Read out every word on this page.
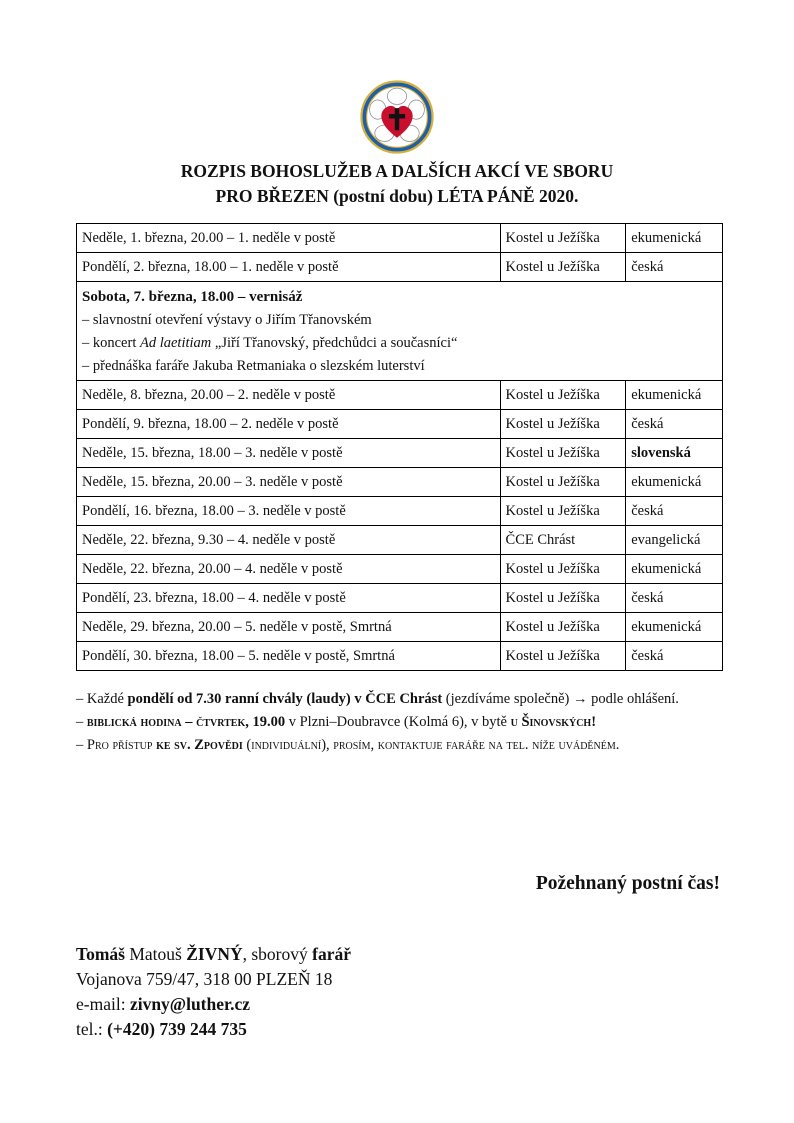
ROZPIS BOHOSLUŽEB A DALŠÍCH AKCÍ VE SBORU
PRO BŘEZEN (postní dobu) LÉTA PÁNĚ 2020.
Neděle, 1. března, 20.00 – 1. neděle v postě	Kostel u Ježíška	ekumenická
Pondělí, 2. března, 18.00 – 1. neděle v postě	Kostel u Ježíška	česká

Sobota, 7. března, 18.00 – vernisáž
– slavnostní otevření výstavy o Jiřím Třanovském
– koncert Ad laetitiam „Jiří Třanovský, předchůdci a současníci“
– přednáška faráře Jakuba Retmaniaka o slezském luterství		

Neděle, 8. března, 20.00 – 2. neděle v postě	Kostel u Ježíška	ekumenická
Pondělí, 9. března, 18.00 – 2. neděle v postě	Kostel u Ježíška	česká
Neděle, 15. března, 18.00 – 3. neděle v postě	Kostel u Ježíška	slovenská
Neděle, 15. března, 20.00 – 3. neděle v postě	Kostel u Ježíška	ekumenická
Pondělí, 16. března, 18.00 – 3. neděle v postě	Kostel u Ježíška	česká
Neděle, 22. března, 9.30 – 4. neděle v postě	ČCE Chrást	evangelická
Neděle, 22. března, 20.00 – 4. neděle v postě	Kostel u Ježíška	ekumenická
Pondělí, 23. března, 18.00 – 4. neděle v postě	Kostel u Ježíška	česká
Neděle, 29. března, 20.00 – 5. neděle v postě, Smrtná	Kostel u Ježíška	ekumenická
Pondělí, 30. března, 18.00 – 5. neděle v postě, Smrtná	Kostel u Ježíška	česká

– Každé pondělí od 7.30 ranní chvály (laudy) v ČCE Chrást (jezdíváme společně) → podle ohlášení.

– biblická hodina – čtvrtek, 19.00 v Plzni–Doubravce (Kolmá 6), v bytě u Šinovských!

– Pro přístup ke sv. Zpovědi (individuální), prosím, kontaktuje faráře na tel. níže uváděném.

Požehnaný postní čas!
Tomáš Matouš ŽIVNÝ, sborový farář
Vojanova 759/47, 318 00 PLZEŇ 18
e-mail: zivny@luther.cz
tel.: (+420) 739 244 735
